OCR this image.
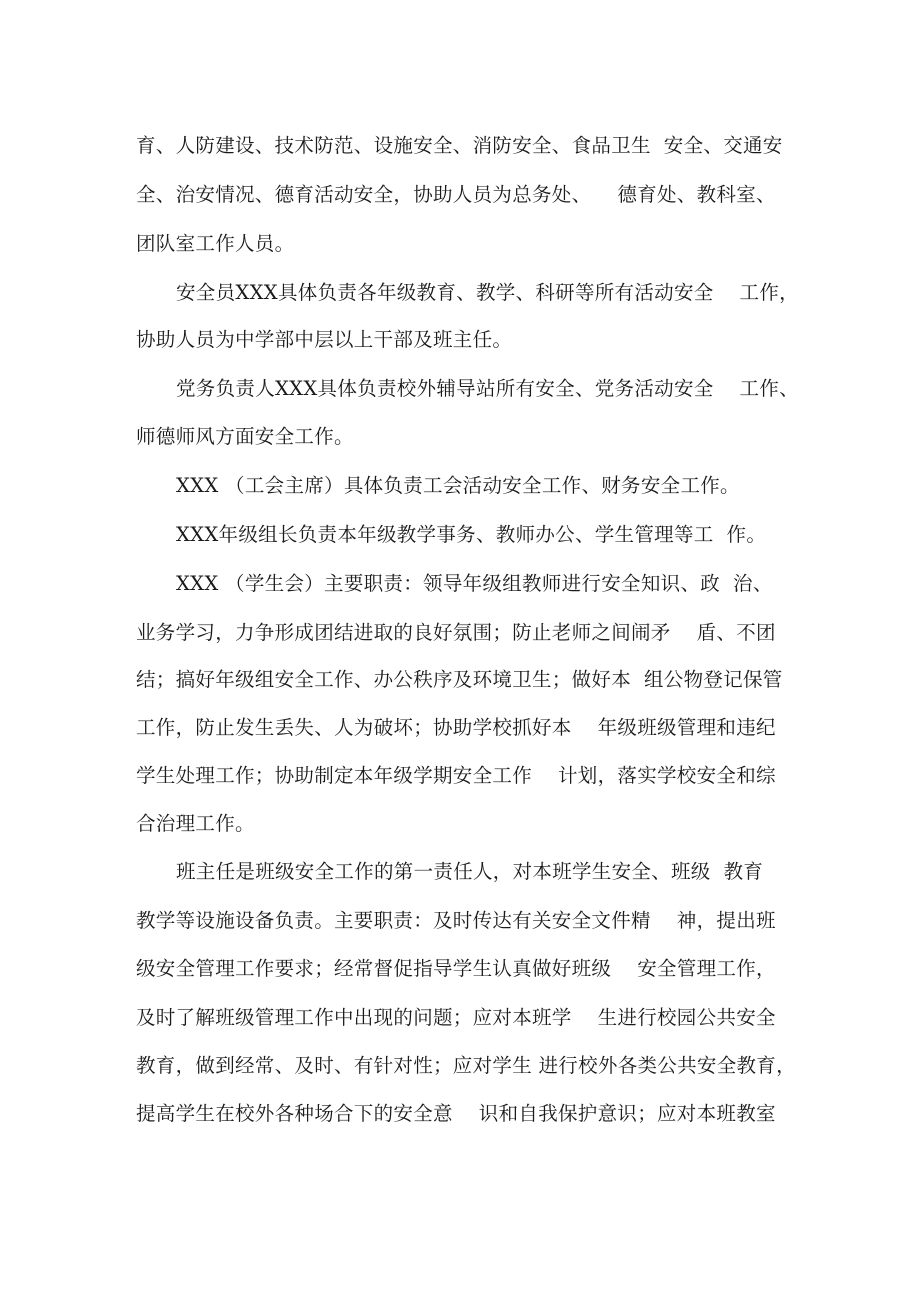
育、人防建设、技术防范、设施安全、消防安全、食品卫生  安全、交通安
全、治安情况、德育活动安全，协助人员为总务处、    德育处、教科室、
团队室工作人员。
安全员XXX具体负责各年级教育、教学、科研等所有活动安全    工作，
协助人员为中学部中层以上干部及班主任。
党务负责人XXX具体负责校外辅导站所有安全、党务活动安全    工作、
师德师风方面安全工作。
XXX （工会主席）具体负责工会活动安全工作、财务安全工作。
XXX年级组长负责本年级教学事务、教师办公、学生管理等工  作。
XXX （学生会）主要职责：领导年级组教师进行安全知识、政  治、
业务学习，力争形成团结进取的良好氛围；防止老师之间闹矛    盾、不团
结；搞好年级组安全工作、办公秩序及环境卫生；做好本  组公物登记保管
工作，防止发生丢失、人为破坏；协助学校抓好本    年级班级管理和违纪
学生处理工作；协助制定本年级学期安全工作    计划，落实学校安全和综
合治理工作。
班主任是班级安全工作的第一责任人，对本班学生安全、班级  教育
教学等设施设备负责。主要职责：及时传达有关安全文件精    神，提出班
级安全管理工作要求；经常督促指导学生认真做好班级    安全管理工作，
及时了解班级管理工作中出现的问题；应对本班学    生进行校园公共安全
教育，做到经常、及时、有针对性；应对学生 进行校外各类公共安全教育，
提高学生在校外各种场合下的安全意    识和自我保护意识；应对本班教室
